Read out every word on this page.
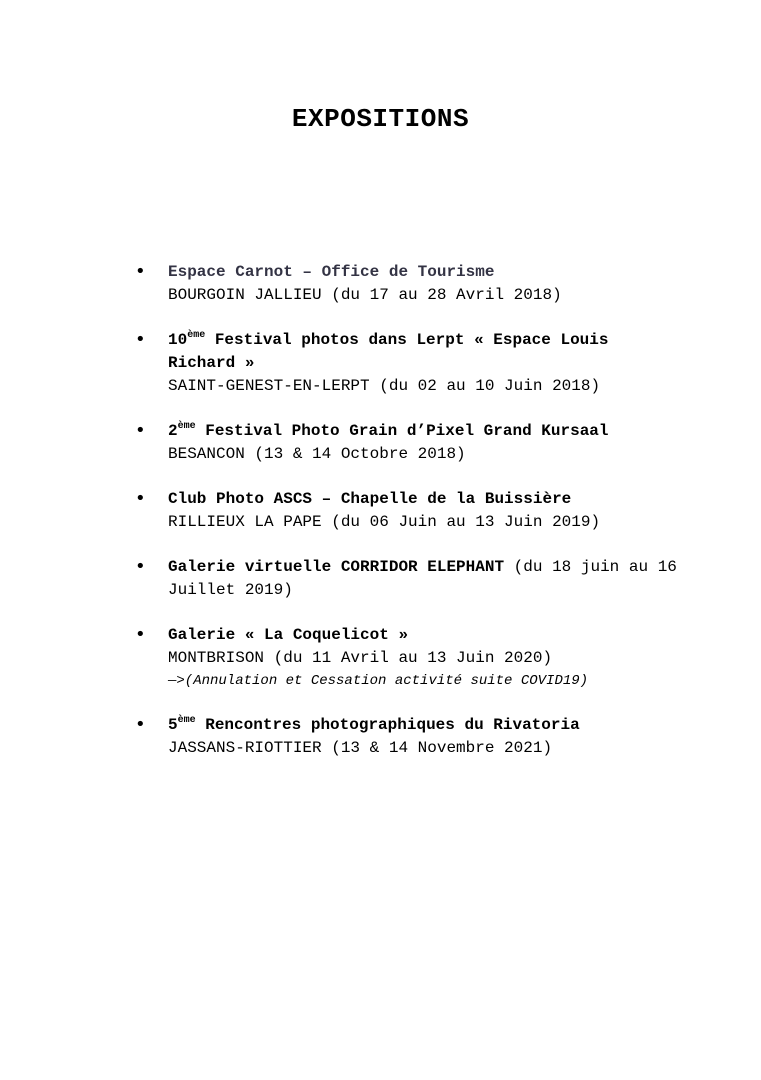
EXPOSITIONS
• Espace Carnot – Office de Tourisme
BOURGOIN JALLIEU (du 17 au 28 Avril 2018)
• 10ème Festival photos dans Lerpt « Espace Louis Richard »
SAINT-GENEST-EN-LERPT (du 02 au 10 Juin 2018)
• 2ème Festival Photo Grain d’Pixel Grand Kursaal
BESANCON (13 & 14 Octobre 2018)
• Club Photo ASCS – Chapelle de la Buissière
RILLIEUX LA PAPE (du 06 Juin au 13 Juin 2019)
• Galerie virtuelle CORRIDOR ELEPHANT (du 18 juin au 16 Juillet 2019)
• Galerie « La Coquelicot »
MONTBRISON (du 11 Avril au 13 Juin 2020)
—>(Annulation et Cessation activité suite COVID19)
• 5ème Rencontres photographiques du Rivatoria
JASSANS-RIOTTIER (13 & 14 Novembre 2021)
